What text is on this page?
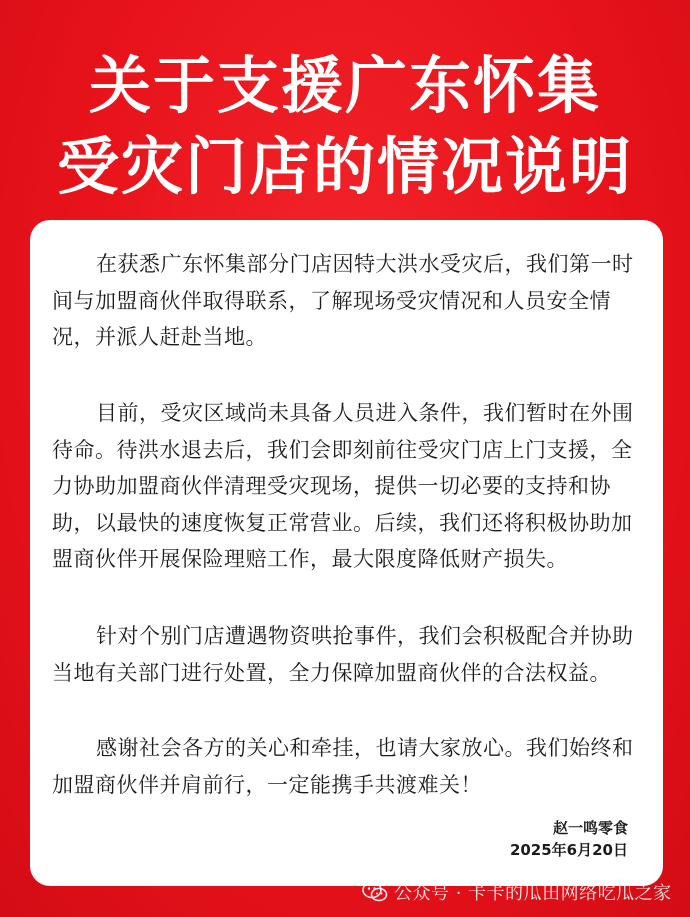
关于支援广东怀集
受灾门店的情况说明

在获悉广东怀集部分门店因特大洪水受灾后，我们第一时间与加盟商伙伴取得联系，了解现场受灾情况和人员安全情况，并派人赶赴当地。

目前，受灾区域尚未具备人员进入条件，我们暂时在外围待命。待洪水退去后，我们会即刻前往受灾门店上门支援，全力协助加盟商伙伴清理受灾现场，提供一切必要的支持和协助，以最快的速度恢复正常营业。后续，我们还将积极协助加盟商伙伴开展保险理赔工作，最大限度降低财产损失。

针对个别门店遭遇物资哄抢事件，我们会积极配合并协助当地有关部门进行处置，全力保障加盟商伙伴的合法权益。

感谢社会各方的关心和牵挂，也请大家放心。我们始终和加盟商伙伴并肩前行，一定能携手共渡难关！

赵一鸣零食

2025年6月20日

公众号 · 卡卡的瓜田网络吃瓜之家
